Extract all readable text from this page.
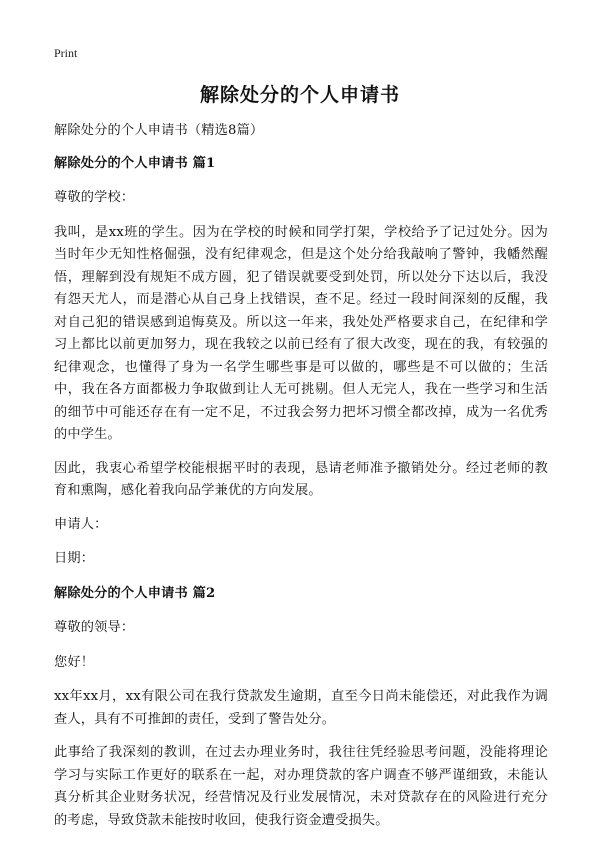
Print
解除处分的个人申请书

解除处分的个人申请书（精选8篇）

解除处分的个人申请书 篇1

尊敬的学校：

我叫，是xx班的学生。因为在学校的时候和同学打架，学校给予了记过处分。因为当时年少无知性格倔强，没有纪律观念，但是这个处分给我敲响了警钟，我幡然醒悟，理解到没有规矩不成方圆，犯了错误就要受到处罚，所以处分下达以后，我没有怨天尤人，而是潜心从自己身上找错误，查不足。经过一段时间深刻的反醒，我对自己犯的错误感到追悔莫及。所以这一年来，我处处严格要求自己，在纪律和学习上都比以前更加努力，现在我较之以前已经有了很大改变，现在的我，有较强的纪律观念，也懂得了身为一名学生哪些事是可以做的，哪些是不可以做的；生活中，我在各方面都极力争取做到让人无可挑剔。但人无完人，我在一些学习和生活的细节中可能还存在有一定不足，不过我会努力把坏习惯全都改掉，成为一名优秀的中学生。

因此，我衷心希望学校能根据平时的表现，恳请老师准予撤销处分。经过老师的教育和熏陶，感化着我向品学兼优的方向发展。

申请人：

日期：

解除处分的个人申请书 篇2

尊敬的领导：

您好！

xx年xx月，xx有限公司在我行贷款发生逾期，直至今日尚未能偿还，对此我作为调查人，具有不可推卸的责任，受到了警告处分。

此事给了我深刻的教训，在过去办理业务时，我往往凭经验思考问题，没能将理论学习与实际工作更好的联系在一起，对办理贷款的客户调查不够严谨细致，未能认真分析其企业财务状况，经营情况及行业发展情况，未对贷款存在的风险进行充分的考虑，导致贷款未能按时收回，使我行资金遭受损失。
